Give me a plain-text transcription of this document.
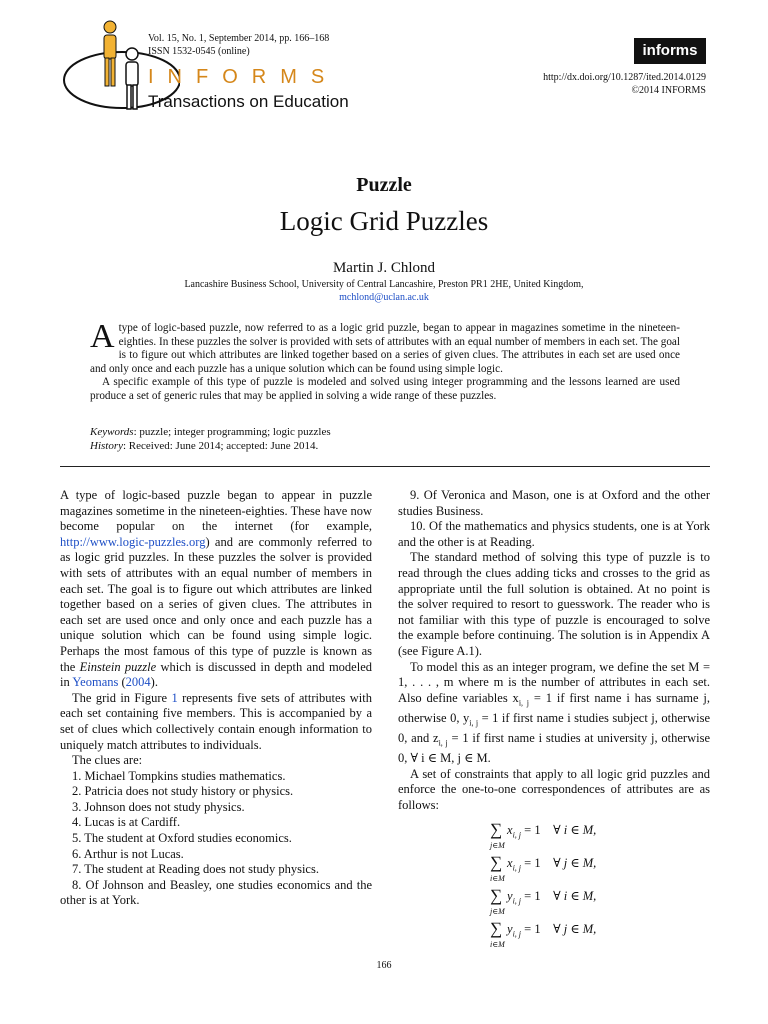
Vol. 15, No. 1, September 2014, pp. 166–168
ISSN 1532-0545 (online)
INFORMS
Transactions on Education
informs
http://dx.doi.org/10.1287/ited.2014.0129
©2014 INFORMS
Puzzle
Logic Grid Puzzles
Martin J. Chlond
Lancashire Business School, University of Central Lancashire, Preston PR1 2HE, United Kingdom,
mchlond@uclan.ac.uk

A type of logic-based puzzle, now referred to as a logic grid puzzle, began to appear in magazines sometime in the nineteen-eighties. In these puzzles the solver is provided with sets of attributes with an equal number of members in each set. The goal is to figure out which attributes are linked together based on a series of given clues. The attributes in each set are used once and only once and each puzzle has a unique solution which can be found using simple logic.

A specific example of this type of puzzle is modeled and solved using integer programming and the lessons learned are used produce a set of generic rules that may be applied in solving a wide range of these puzzles.

Keywords: puzzle; integer programming; logic puzzles
History: Received: June 2014; accepted: June 2014.

A type of logic-based puzzle began to appear in puzzle magazines sometime in the nineteen-eighties. These have now become popular on the internet (for example, http://www.logic-puzzles.org) and are commonly referred to as logic grid puzzles. In these puzzles the solver is provided with sets of attributes with an equal number of members in each set. The goal is to figure out which attributes are linked together based on a series of given clues. The attributes in each set are used once and only once and each puzzle has a unique solution which can be found using simple logic. Perhaps the most famous of this type of puzzle is known as the Einstein puzzle which is discussed in depth and modeled in Yeomans (2004).

The grid in Figure 1 represents five sets of attributes with each set containing five members. This is accompanied by a set of clues which collectively contain enough information to uniquely match attributes to individuals.

The clues are:

1. Michael Tompkins studies mathematics.

2. Patricia does not study history or physics.

3. Johnson does not study physics.

4. Lucas is at Cardiff.

5. The student at Oxford studies economics.

6. Arthur is not Lucas.

7. The student at Reading does not study physics.

8. Of Johnson and Beasley, one studies economics and the other is at York.

9. Of Veronica and Mason, one is at Oxford and the other studies Business.

10. Of the mathematics and physics students, one is at York and the other is at Reading.

The standard method of solving this type of puzzle is to read through the clues adding ticks and crosses to the grid as appropriate until the full solution is obtained. At no point is the solver required to resort to guesswork. The reader who is not familiar with this type of puzzle is encouraged to solve the example before continuing. The solution is in Appendix A (see Figure A.1).

To model this as an integer program, we define the set M = 1, . . . , m where m is the number of attributes in each set. Also define variables $x_{i, j} = 1$ if first name i has surname j, otherwise 0, $y_{i, j} = 1$ if first name i studies subject j, otherwise 0, and $z_{i, j} = 1$ if first name i studies at university j, otherwise 0, ∀ i ∈ M, j ∈ M.

A set of constraints that apply to all logic grid puzzles and enforce the one-to-one correspondences of attributes are as follows:

∑
j∈M
$x_{i, j} = 1$ ∀ i ∈ M,
∑
i∈M
$x_{i, j} = 1$ ∀ j ∈ M,
∑
j∈M
$y_{i, j} = 1$ ∀ i ∈ M,
∑
i∈M
$y_{i, j} = 1$ ∀ j ∈ M,
166
